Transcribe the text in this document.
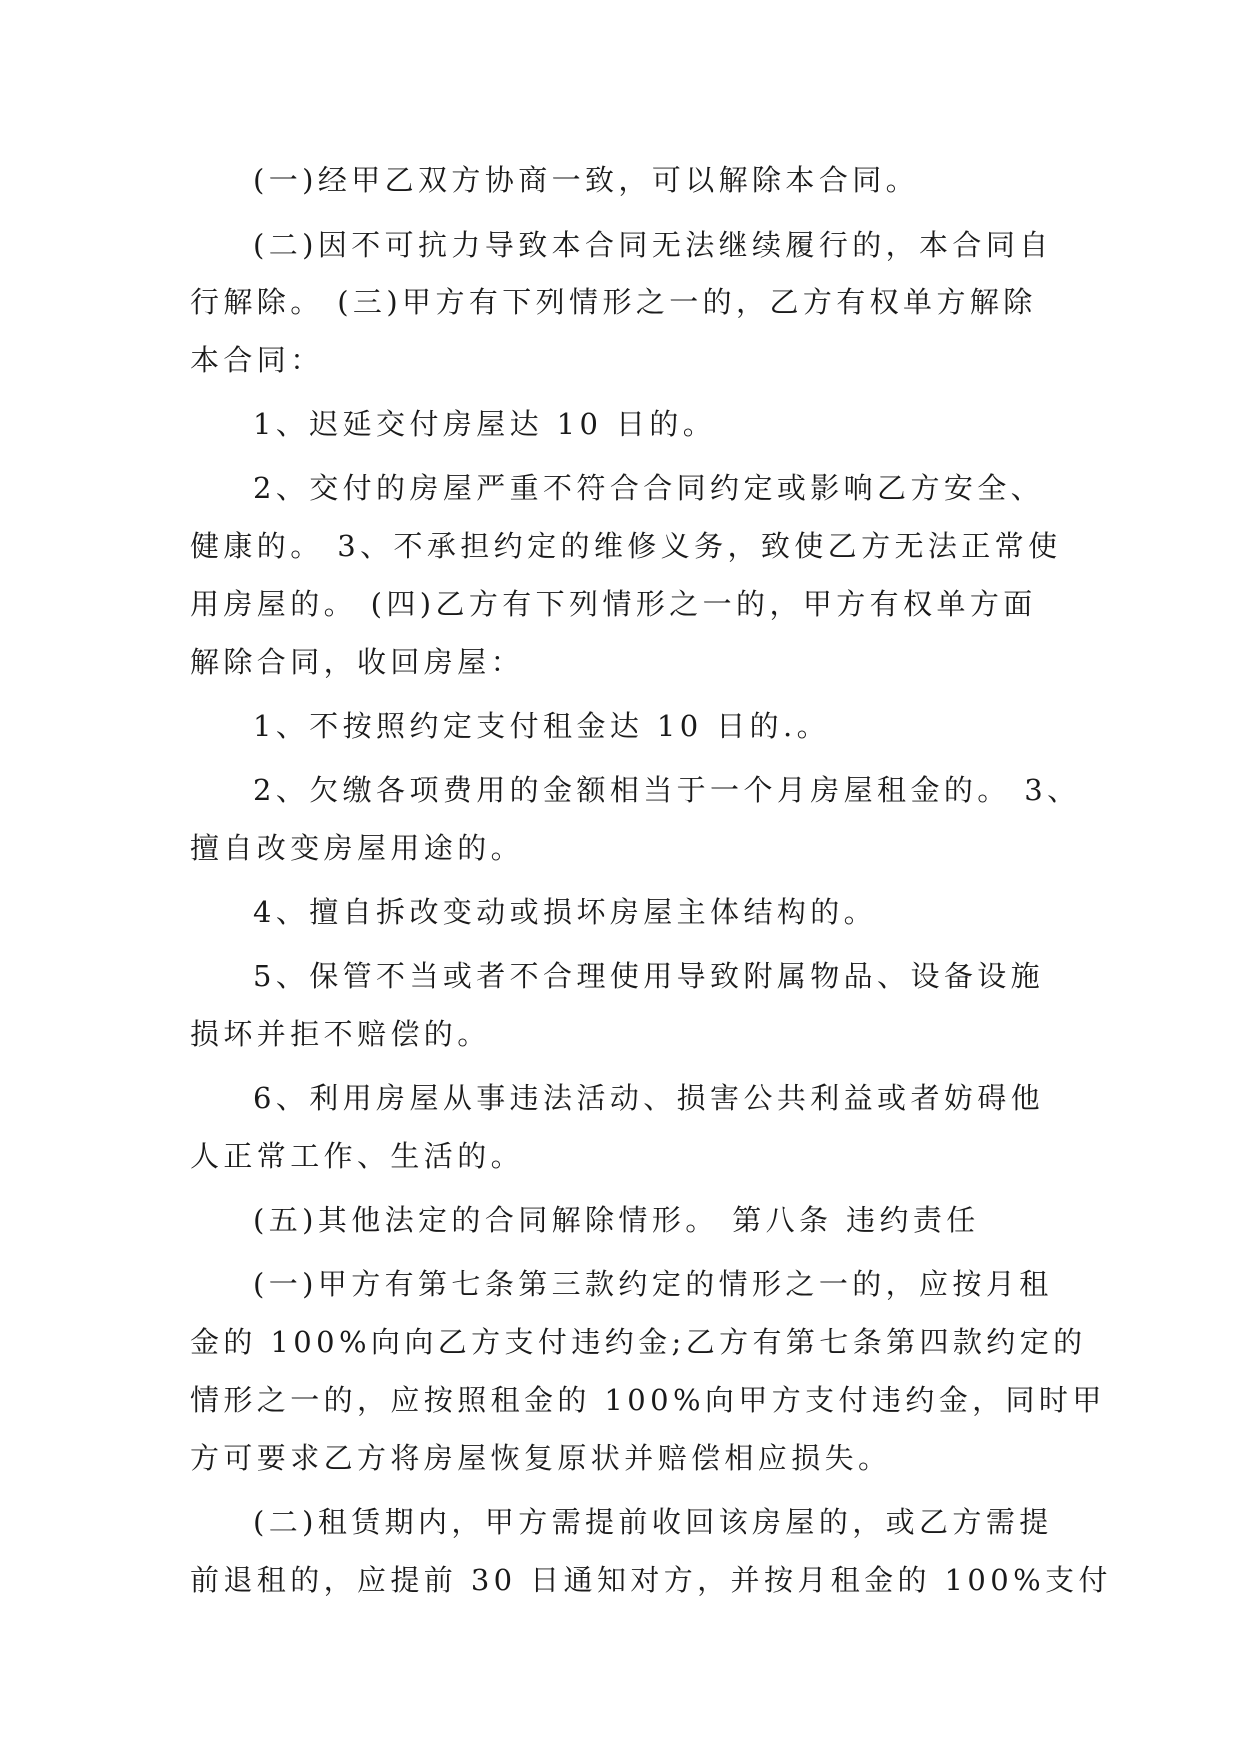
(一)经甲乙双方协商一致，可以解除本合同。
(二)因不可抗力导致本合同无法继续履行的，本合同自
行解除。 (三)甲方有下列情形之一的，乙方有权单方解除
本合同：
1、迟延交付房屋达 10 日的。
2、交付的房屋严重不符合合同约定或影响乙方安全、
健康的。 3、不承担约定的维修义务，致使乙方无法正常使
用房屋的。 (四)乙方有下列情形之一的，甲方有权单方面
解除合同，收回房屋：
1、不按照约定支付租金达 10 日的.。
2、欠缴各项费用的金额相当于一个月房屋租金的。 3、
擅自改变房屋用途的。
4、擅自拆改变动或损坏房屋主体结构的。
5、保管不当或者不合理使用导致附属物品、设备设施
损坏并拒不赔偿的。
6、利用房屋从事违法活动、损害公共利益或者妨碍他
人正常工作、生活的。
(五)其他法定的合同解除情形。 第八条 违约责任
(一)甲方有第七条第三款约定的情形之一的，应按月租
金的 100%向向乙方支付违约金;乙方有第七条第四款约定的
情形之一的，应按照租金的 100%向甲方支付违约金，同时甲
方可要求乙方将房屋恢复原状并赔偿相应损失。
(二)租赁期内，甲方需提前收回该房屋的，或乙方需提
前退租的，应提前 30 日通知对方，并按月租金的 100%支付
